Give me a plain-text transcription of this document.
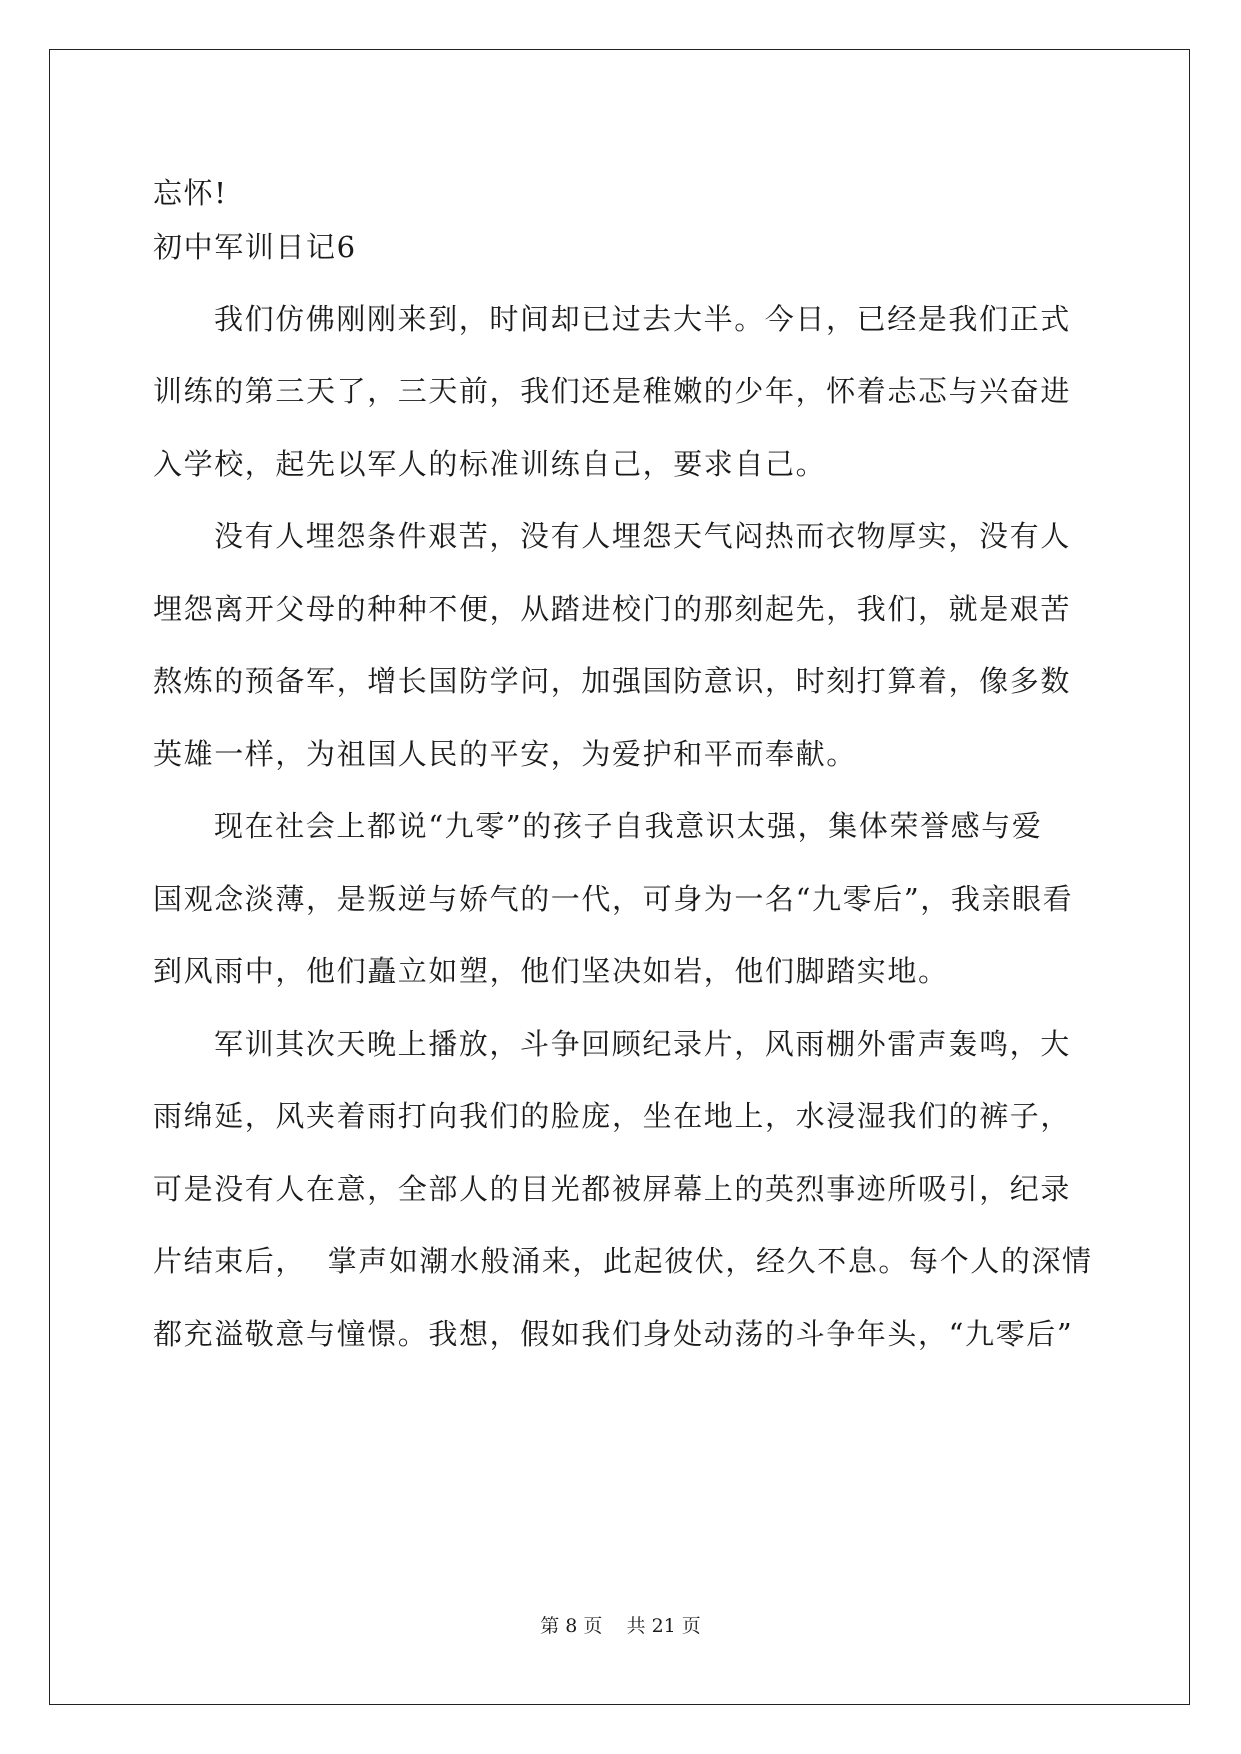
忘怀!
初中军训日记6
我们仿佛刚刚来到，时间却已过去大半。今日，已经是我们正式
训练的第三天了，三天前，我们还是稚嫩的少年，怀着忐忑与兴奋进
入学校，起先以军人的标准训练自己，要求自己。
没有人埋怨条件艰苦，没有人埋怨天气闷热而衣物厚实，没有人
埋怨离开父母的种种不便，从踏进校门的那刻起先，我们，就是艰苦
熬炼的预备军，增长国防学问，加强国防意识，时刻打算着，像多数
英雄一样，为祖国人民的平安，为爱护和平而奉献。
现在社会上都说“九零”的孩子自我意识太强，集体荣誉感与爱
国观念淡薄，是叛逆与娇气的一代，可身为一名“九零后”，我亲眼看
到风雨中，他们矗立如塑，他们坚决如岩，他们脚踏实地。
军训其次天晚上播放，斗争回顾纪录片，风雨棚外雷声轰鸣，大
雨绵延，风夹着雨打向我们的脸庞，坐在地上，水浸湿我们的裤子，
可是没有人在意，全部人的目光都被屏幕上的英烈事迹所吸引，纪录
片结束后，  掌声如潮水般涌来，此起彼伏，经久不息。每个人的深情
都充溢敬意与憧憬。我想，假如我们身处动荡的斗争年头，“九零后”
第 8 页    共 21 页
